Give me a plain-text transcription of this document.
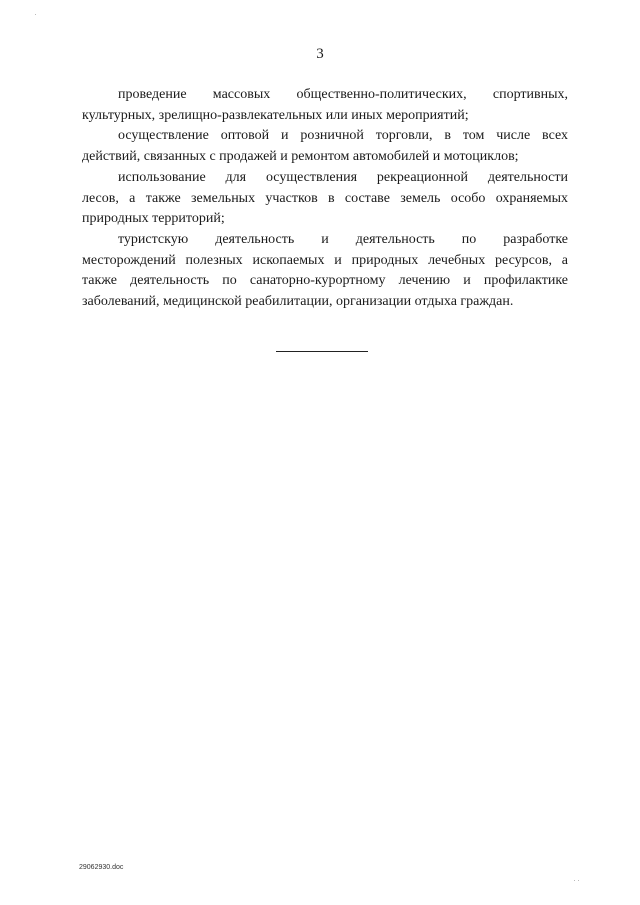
3

проведение массовых общественно-политических, спортивных,
культурных, зрелищно-развлекательных или иных мероприятий;

осуществление оптовой и розничной торговли, в том числе всех
действий, связанных с продажей и ремонтом автомобилей и мотоциклов;

использование для осуществления рекреационной деятельности
лесов, а также земельных участков в составе земель особо охраняемых
природных территорий;

туристскую деятельность и деятельность по разработке
месторождений полезных ископаемых и природных лечебных ресурсов, а
также деятельность по санаторно-курортному лечению и профилактике
заболеваний, медицинской реабилитации, организации отдыха граждан.

29062930.doc
